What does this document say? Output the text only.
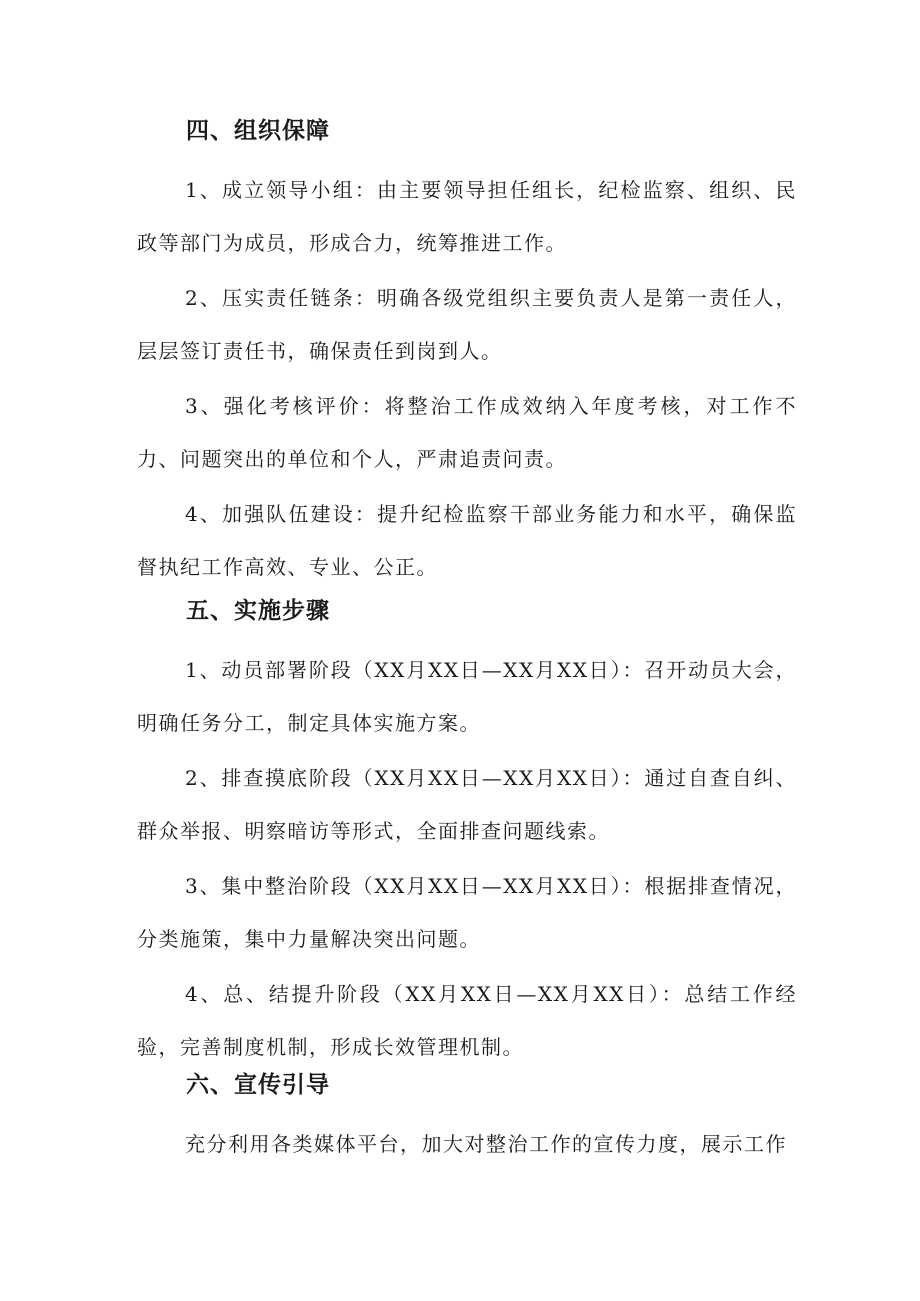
四、组织保障

1、成立领导小组：由主要领导担任组长，纪检监察、组织、民政等部门为成员，形成合力，统筹推进工作。

2、压实责任链条：明确各级党组织主要负责人是第一责任人，层层签订责任书，确保责任到岗到人。

3、强化考核评价：将整治工作成效纳入年度考核，对工作不力、问题突出的单位和个人，严肃追责问责。

4、加强队伍建设：提升纪检监察干部业务能力和水平，确保监督执纪工作高效、专业、公正。

五、实施步骤

1、动员部署阶段（XX月XX日—XX月XX日）：召开动员大会，明确任务分工，制定具体实施方案。

2、排查摸底阶段（XX月XX日—XX月XX日）：通过自查自纠、群众举报、明察暗访等形式，全面排查问题线索。

3、集中整治阶段（XX月XX日—XX月XX日）：根据排查情况，分类施策，集中力量解决突出问题。

4、总、结提升阶段（XX月XX日—XX月XX日）：总结工作经验，完善制度机制，形成长效管理机制。

六、宣传引导

充分利用各类媒体平台，加大对整治工作的宣传力度，展示工作
